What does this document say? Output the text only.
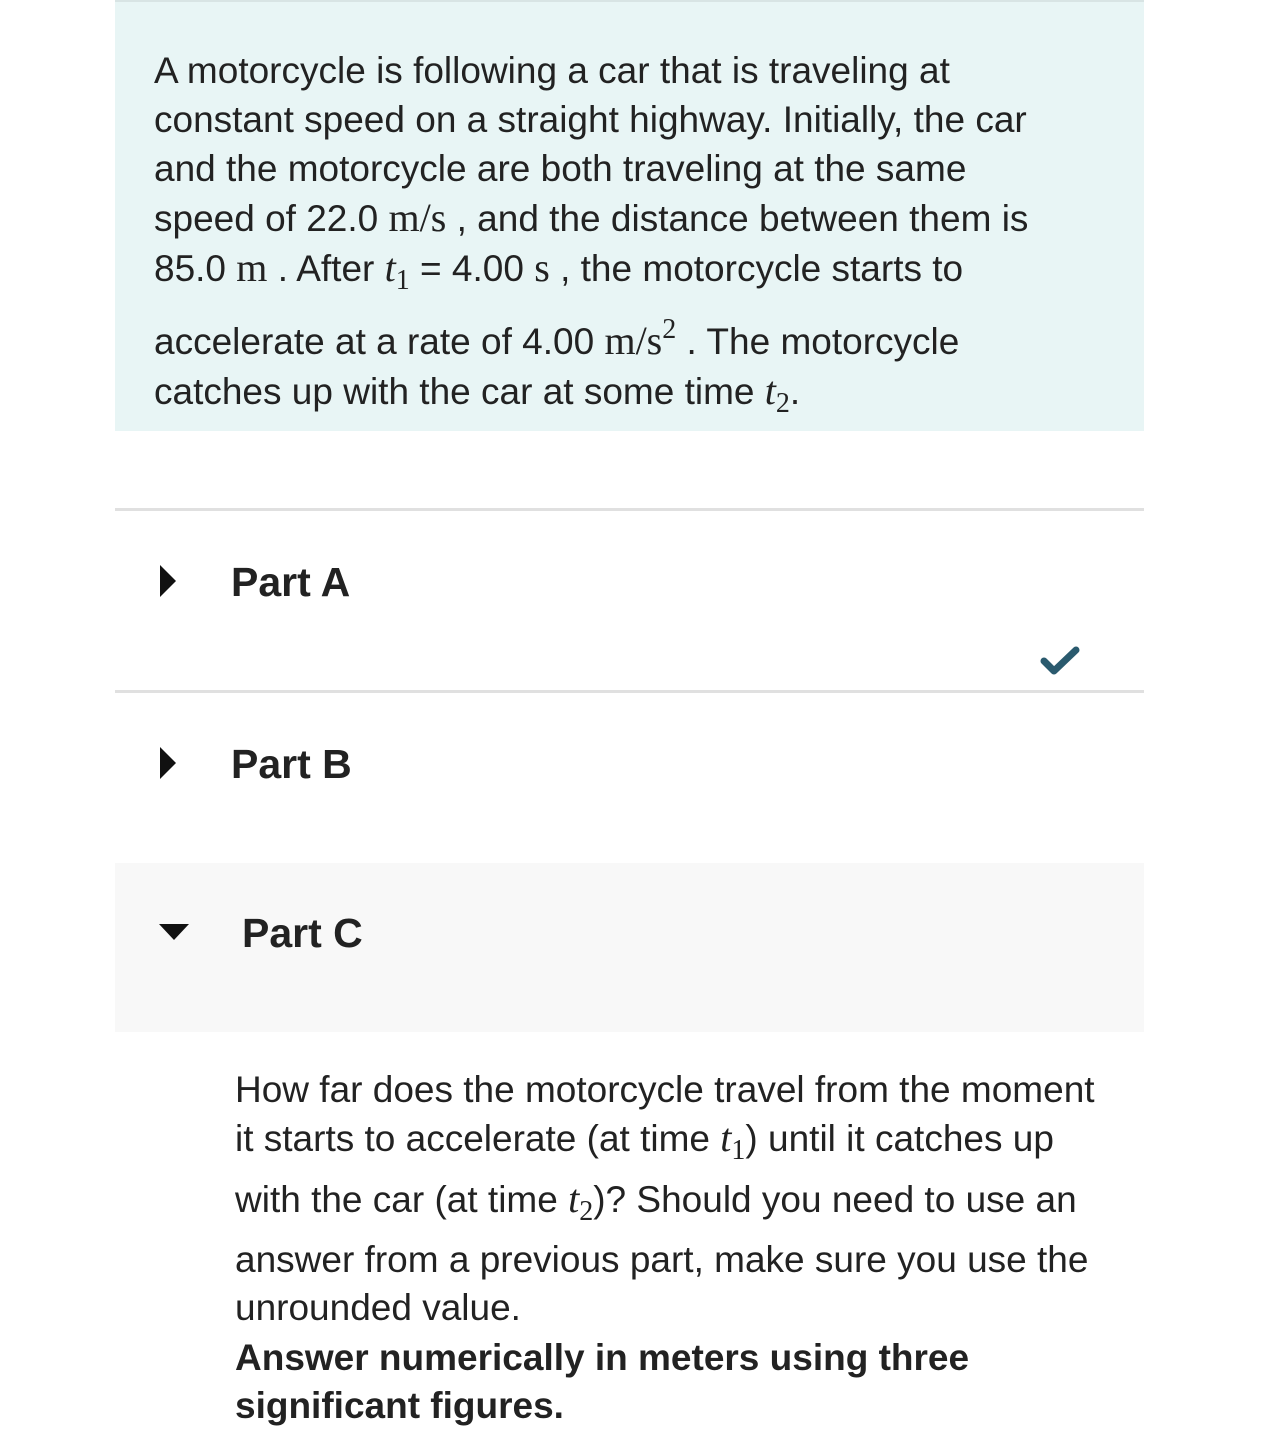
A motorcycle is following a car that is traveling at
constant speed on a straight highway. Initially, the car
and the motorcycle are both traveling at the same
speed of 22.0 m/s , and the distance between them is
85.0 m . After $t_1 = 4.00$ s , the motorcycle starts to
accelerate at a rate of 4.00 $m/s^2$ . The motorcycle
catches up with the car at some time $t_2$.
Part A
Part B
Part C
How far does the motorcycle travel from the moment
it starts to accelerate (at time $t_1$) until it catches up
with the car (at time $t_2$)? Should you need to use an
answer from a previous part, make sure you use the
unrounded value.
Answer numerically in meters using three
significant figures.
